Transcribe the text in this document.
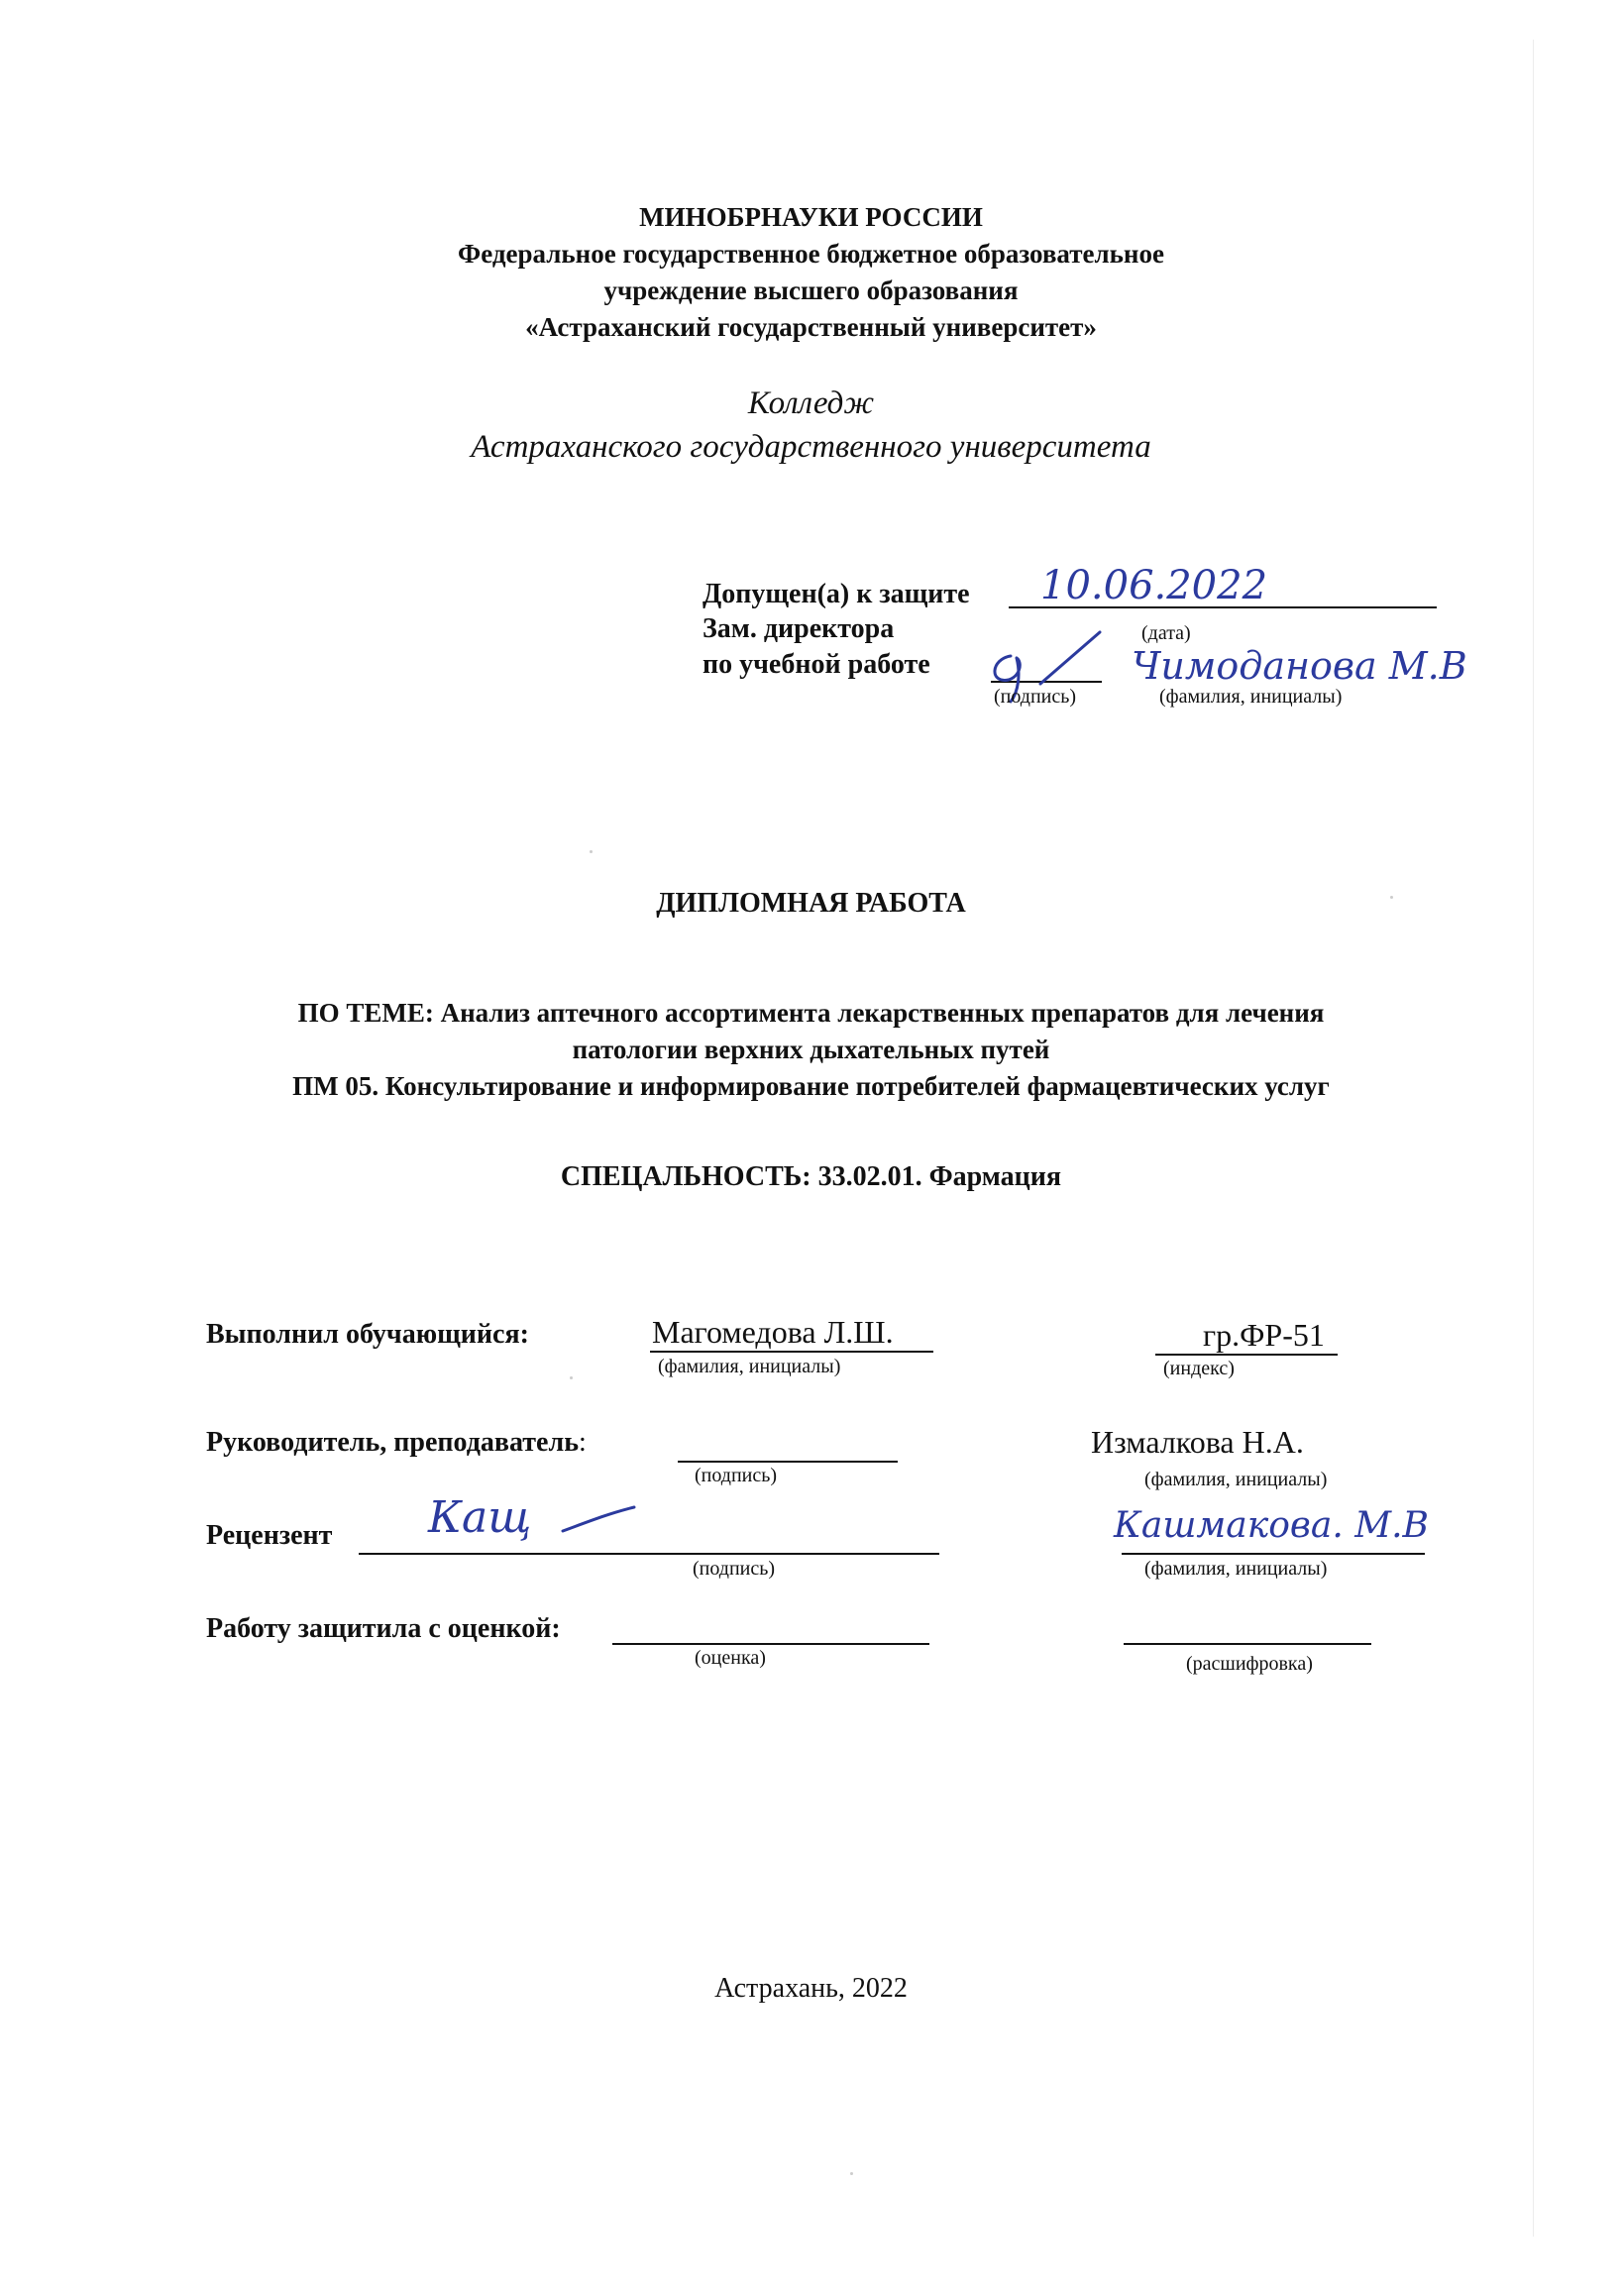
МИНОБРНАУКИ РОССИИ
Федеральное государственное бюджетное образовательное
учреждение высшего образования
«Астраханский государственный университет»
Колледж
Астраханского государственного университета
Допущен(а) к защите 10.06.2022
(дата)
Зам. директора
по учебной работе
(подпись)
Чимоданова М.В
(фамилия, инициалы)
ДИПЛОМНАЯ РАБОТА
ПО ТЕМЕ: Анализ аптечного ассортимента лекарственных препаратов для лечения
патологии верхних дыхательных путей
ПМ 05. Консультирование и информирование потребителей фармацевтических услуг
СПЕЦАЛЬНОСТЬ: 33.02.01. Фармация
Выполнил обучающийся:	Магомедова Л.Ш.
(фамилия, инициалы)
гр.ФР-51
(индекс)
Руководитель, преподаватель:
(подпись)
Измалкова Н.А.
(фамилия, инициалы)
Рецензент Кащ
(подпись)
Кашмакова. М.В
(фамилия, инициалы)
Работу защитила с оценкой:
(оценка)	(расшифровка)
Астрахань, 2022
